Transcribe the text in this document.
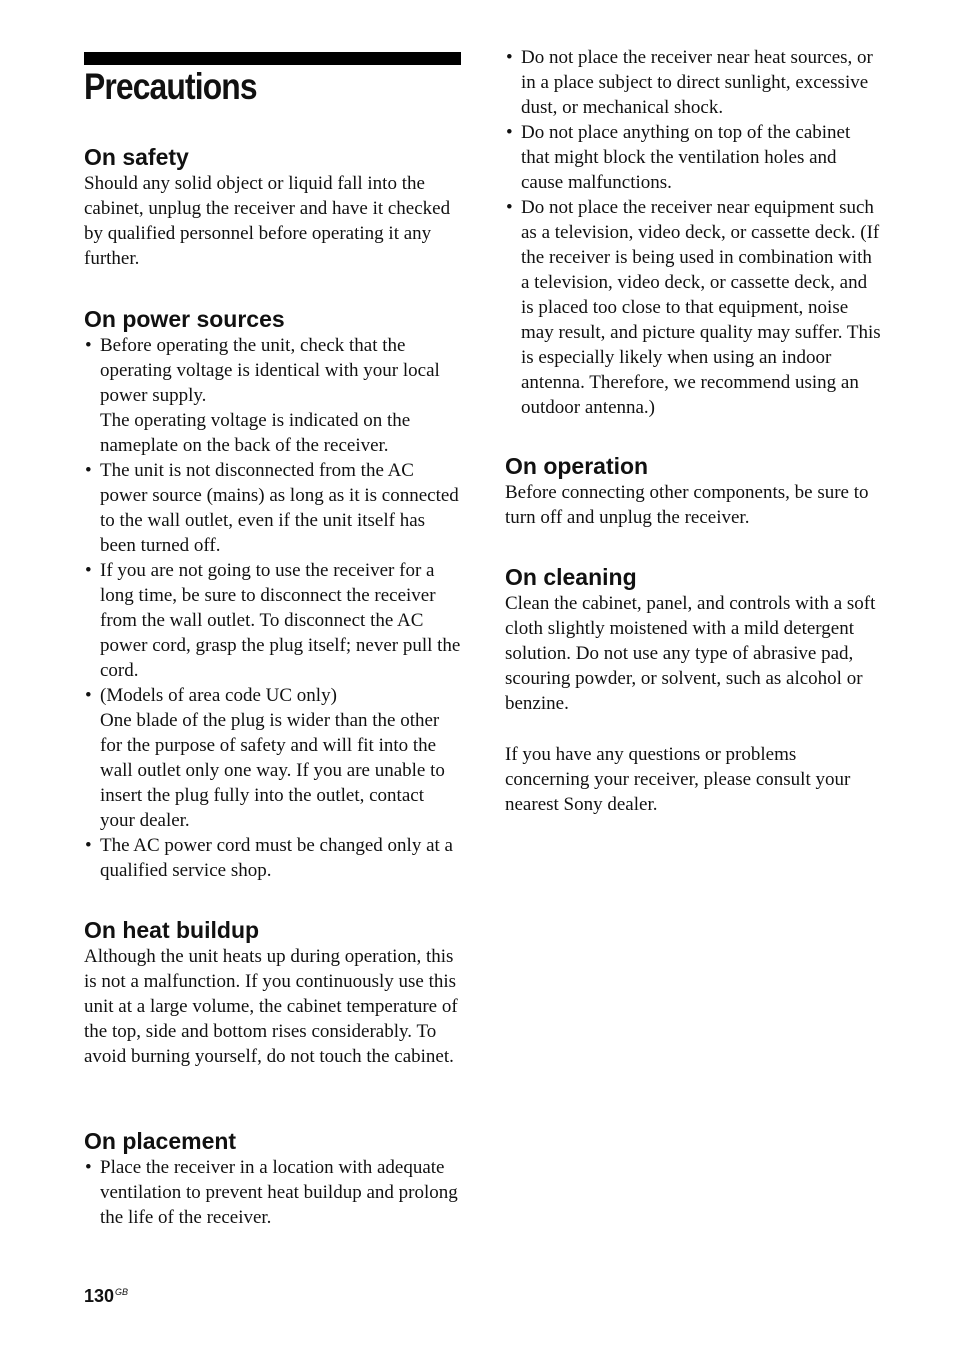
Precautions
On safety

Should any solid object or liquid fall into the cabinet, unplug the receiver and have it checked by qualified personnel before operating it any further.

On power sources
• Before operating the unit, check that the operating voltage is identical with your local power supply.
The operating voltage is indicated on the nameplate on the back of the receiver.
• The unit is not disconnected from the AC power source (mains) as long as it is connected to the wall outlet, even if the unit itself has been turned off.
• If you are not going to use the receiver for a long time, be sure to disconnect the receiver from the wall outlet. To disconnect the AC power cord, grasp the plug itself; never pull the cord.
• (Models of area code UC only)
One blade of the plug is wider than the other for the purpose of safety and will fit into the wall outlet only one way. If you are unable to insert the plug fully into the outlet, contact your dealer.
• The AC power cord must be changed only at a qualified service shop.
On heat buildup

Although the unit heats up during operation, this is not a malfunction. If you continuously use this unit at a large volume, the cabinet temperature of the top, side and bottom rises considerably. To avoid burning yourself, do not touch the cabinet.

On placement
• Place the receiver in a location with adequate ventilation to prevent heat buildup and prolong the life of the receiver.
• Do not place the receiver near heat sources, or in a place subject to direct sunlight, excessive dust, or mechanical shock.
• Do not place anything on top of the cabinet that might block the ventilation holes and cause malfunctions.
• Do not place the receiver near equipment such as a television, video deck, or cassette deck. (If the receiver is being used in combination with a television, video deck, or cassette deck, and is placed too close to that equipment, noise may result, and picture quality may suffer. This is especially likely when using an indoor antenna. Therefore, we recommend using an outdoor antenna.)
On operation

Before connecting other components, be sure to turn off and unplug the receiver.

On cleaning

Clean the cabinet, panel, and controls with a soft cloth slightly moistened with a mild detergent solution. Do not use any type of abrasive pad, scouring powder, or solvent, such as alcohol or benzine.

If you have any questions or problems concerning your receiver, please consult your nearest Sony dealer.

$130^{GB}$
